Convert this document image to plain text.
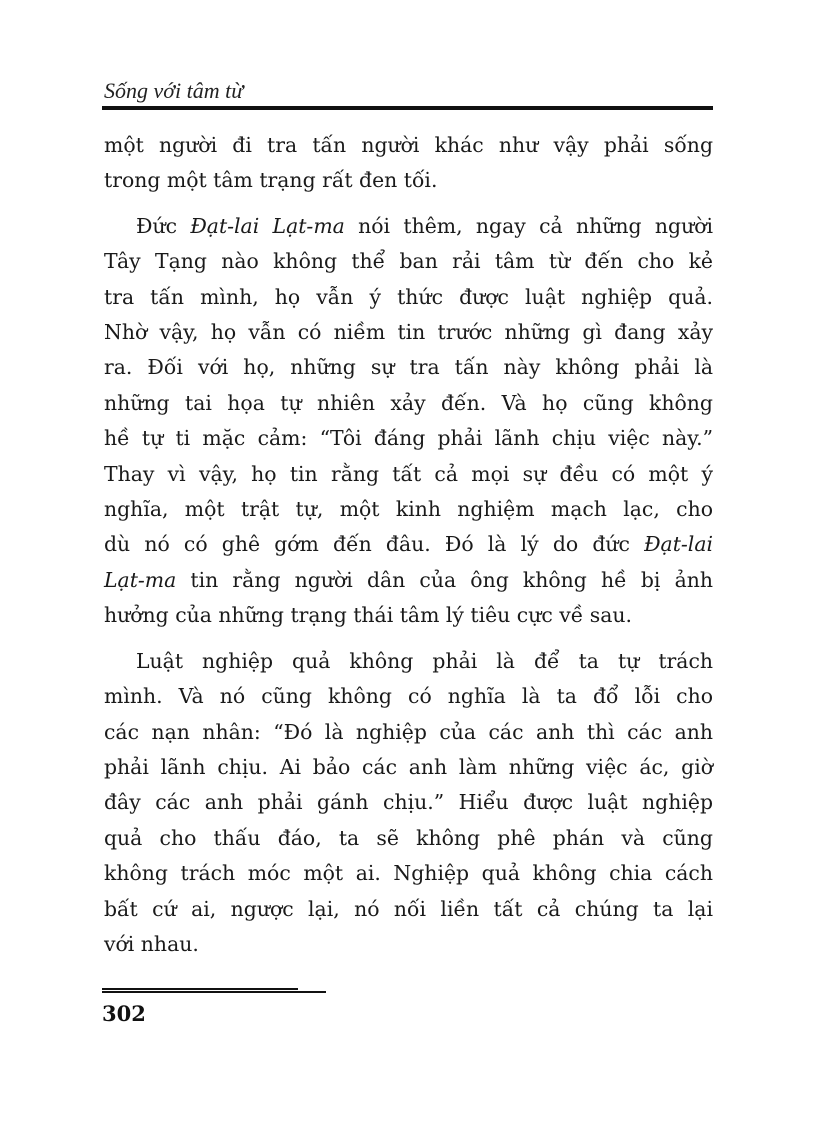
Sống với tâm từ
một người đi tra tấn người khác như vậy phải sống
trong một tâm trạng rất đen tối.
Đức Đạt-lai Lạt-ma nói thêm, ngay cả những người
Tây Tạng nào không thể ban rải tâm từ đến cho kẻ
tra tấn mình, họ vẫn ý thức được luật nghiệp quả.
Nhờ vậy, họ vẫn có niềm tin trước những gì đang xảy
ra. Đối với họ, những sự tra tấn này không phải là
những tai họa tự nhiên xảy đến. Và họ cũng không
hề tự ti mặc cảm: “Tôi đáng phải lãnh chịu việc này.”
Thay vì vậy, họ tin rằng tất cả mọi sự đều có một ý
nghĩa, một trật tự, một kinh nghiệm mạch lạc, cho
dù nó có ghê gớm đến đâu. Đó là lý do đức Đạt-lai
Lạt-ma tin rằng người dân của ông không hề bị ảnh
hưởng của những trạng thái tâm lý tiêu cực về sau.
Luật nghiệp quả không phải là để ta tự trách
mình. Và nó cũng không có nghĩa là ta đổ lỗi cho
các nạn nhân: “Đó là nghiệp của các anh thì các anh
phải lãnh chịu. Ai bảo các anh làm những việc ác, giờ
đây các anh phải gánh chịu.” Hiểu được luật nghiệp
quả cho thấu đáo, ta sẽ không phê phán và cũng
không trách móc một ai. Nghiệp quả không chia cách
bất cứ ai, ngược lại, nó nối liền tất cả chúng ta lại
với nhau.
302
